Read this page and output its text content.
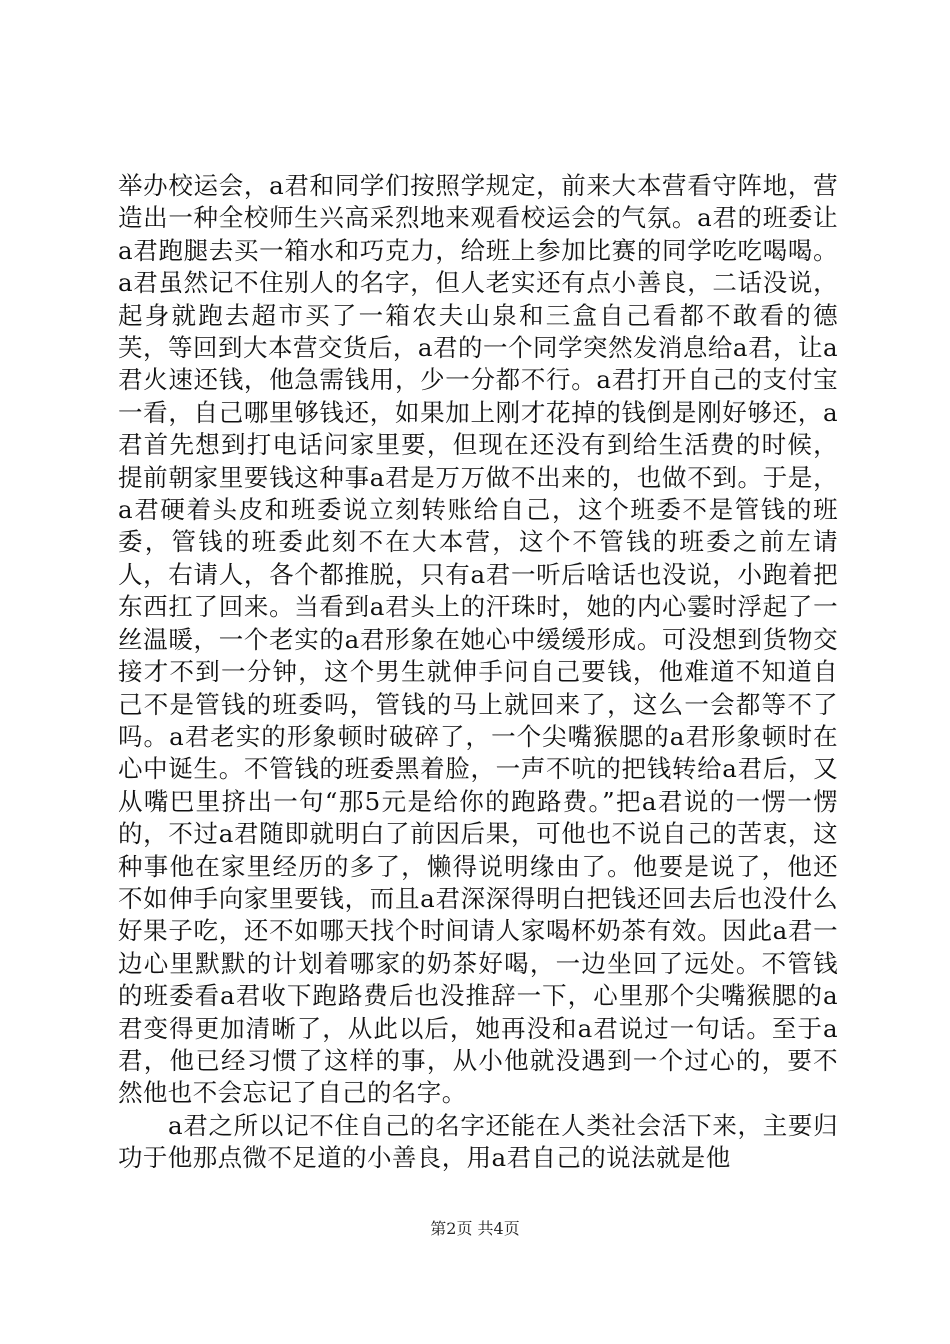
举办校运会，a君和同学们按照学规定，前来大本营看守阵地，营造出一种全校师生兴高采烈地来观看校运会的气氛。a君的班委让a君跑腿去买一箱水和巧克力，给班上参加比赛的同学吃吃喝喝。a君虽然记不住别人的名字，但人老实还有点小善良，二话没说，起身就跑去超市买了一箱农夫山泉和三盒自己看都不敢看的德芙，等回到大本营交货后，a君的一个同学突然发消息给a君，让a君火速还钱，他急需钱用，少一分都不行。a君打开自己的支付宝一看，自己哪里够钱还，如果加上刚才花掉的钱倒是刚好够还，a君首先想到打电话问家里要，但现在还没有到给生活费的时候，提前朝家里要钱这种事a君是万万做不出来的，也做不到。于是，a君硬着头皮和班委说立刻转账给自己，这个班委不是管钱的班委，管钱的班委此刻不在大本营，这个不管钱的班委之前左请人，右请人，各个都推脱，只有a君一听后啥话也没说，小跑着把东西扛了回来。当看到a君头上的汗珠时，她的内心霎时浮起了一丝温暖，一个老实的a君形象在她心中缓缓形成。可没想到货物交接才不到一分钟，这个男生就伸手问自己要钱，他难道不知道自己不是管钱的班委吗，管钱的马上就回来了，这么一会都等不了吗。a君老实的形象顿时破碎了，一个尖嘴猴腮的a君形象顿时在心中诞生。不管钱的班委黑着脸，一声不吭的把钱转给a君后，又从嘴巴里挤出一句“那5元是给你的跑路费。”把a君说的一愣一愣的，不过a君随即就明白了前因后果，可他也不说自己的苦衷，这种事他在家里经历的多了，懒得说明缘由了。他要是说了，他还不如伸手向家里要钱，而且a君深深得明白把钱还回去后也没什么好果子吃，还不如哪天找个时间请人家喝杯奶茶有效。因此a君一边心里默默的计划着哪家的奶茶好喝，一边坐回了远处。不管钱的班委看a君收下跑路费后也没推辞一下，心里那个尖嘴猴腮的a君变得更加清晰了，从此以后，她再没和a君说过一句话。至于a君，他已经习惯了这样的事，从小他就没遇到一个过心的，要不然他也不会忘记了自己的名字。

a君之所以记不住自己的名字还能在人类社会活下来，主要归功于他那点微不足道的小善良，用a君自己的说法就是他

第2页 共4页
